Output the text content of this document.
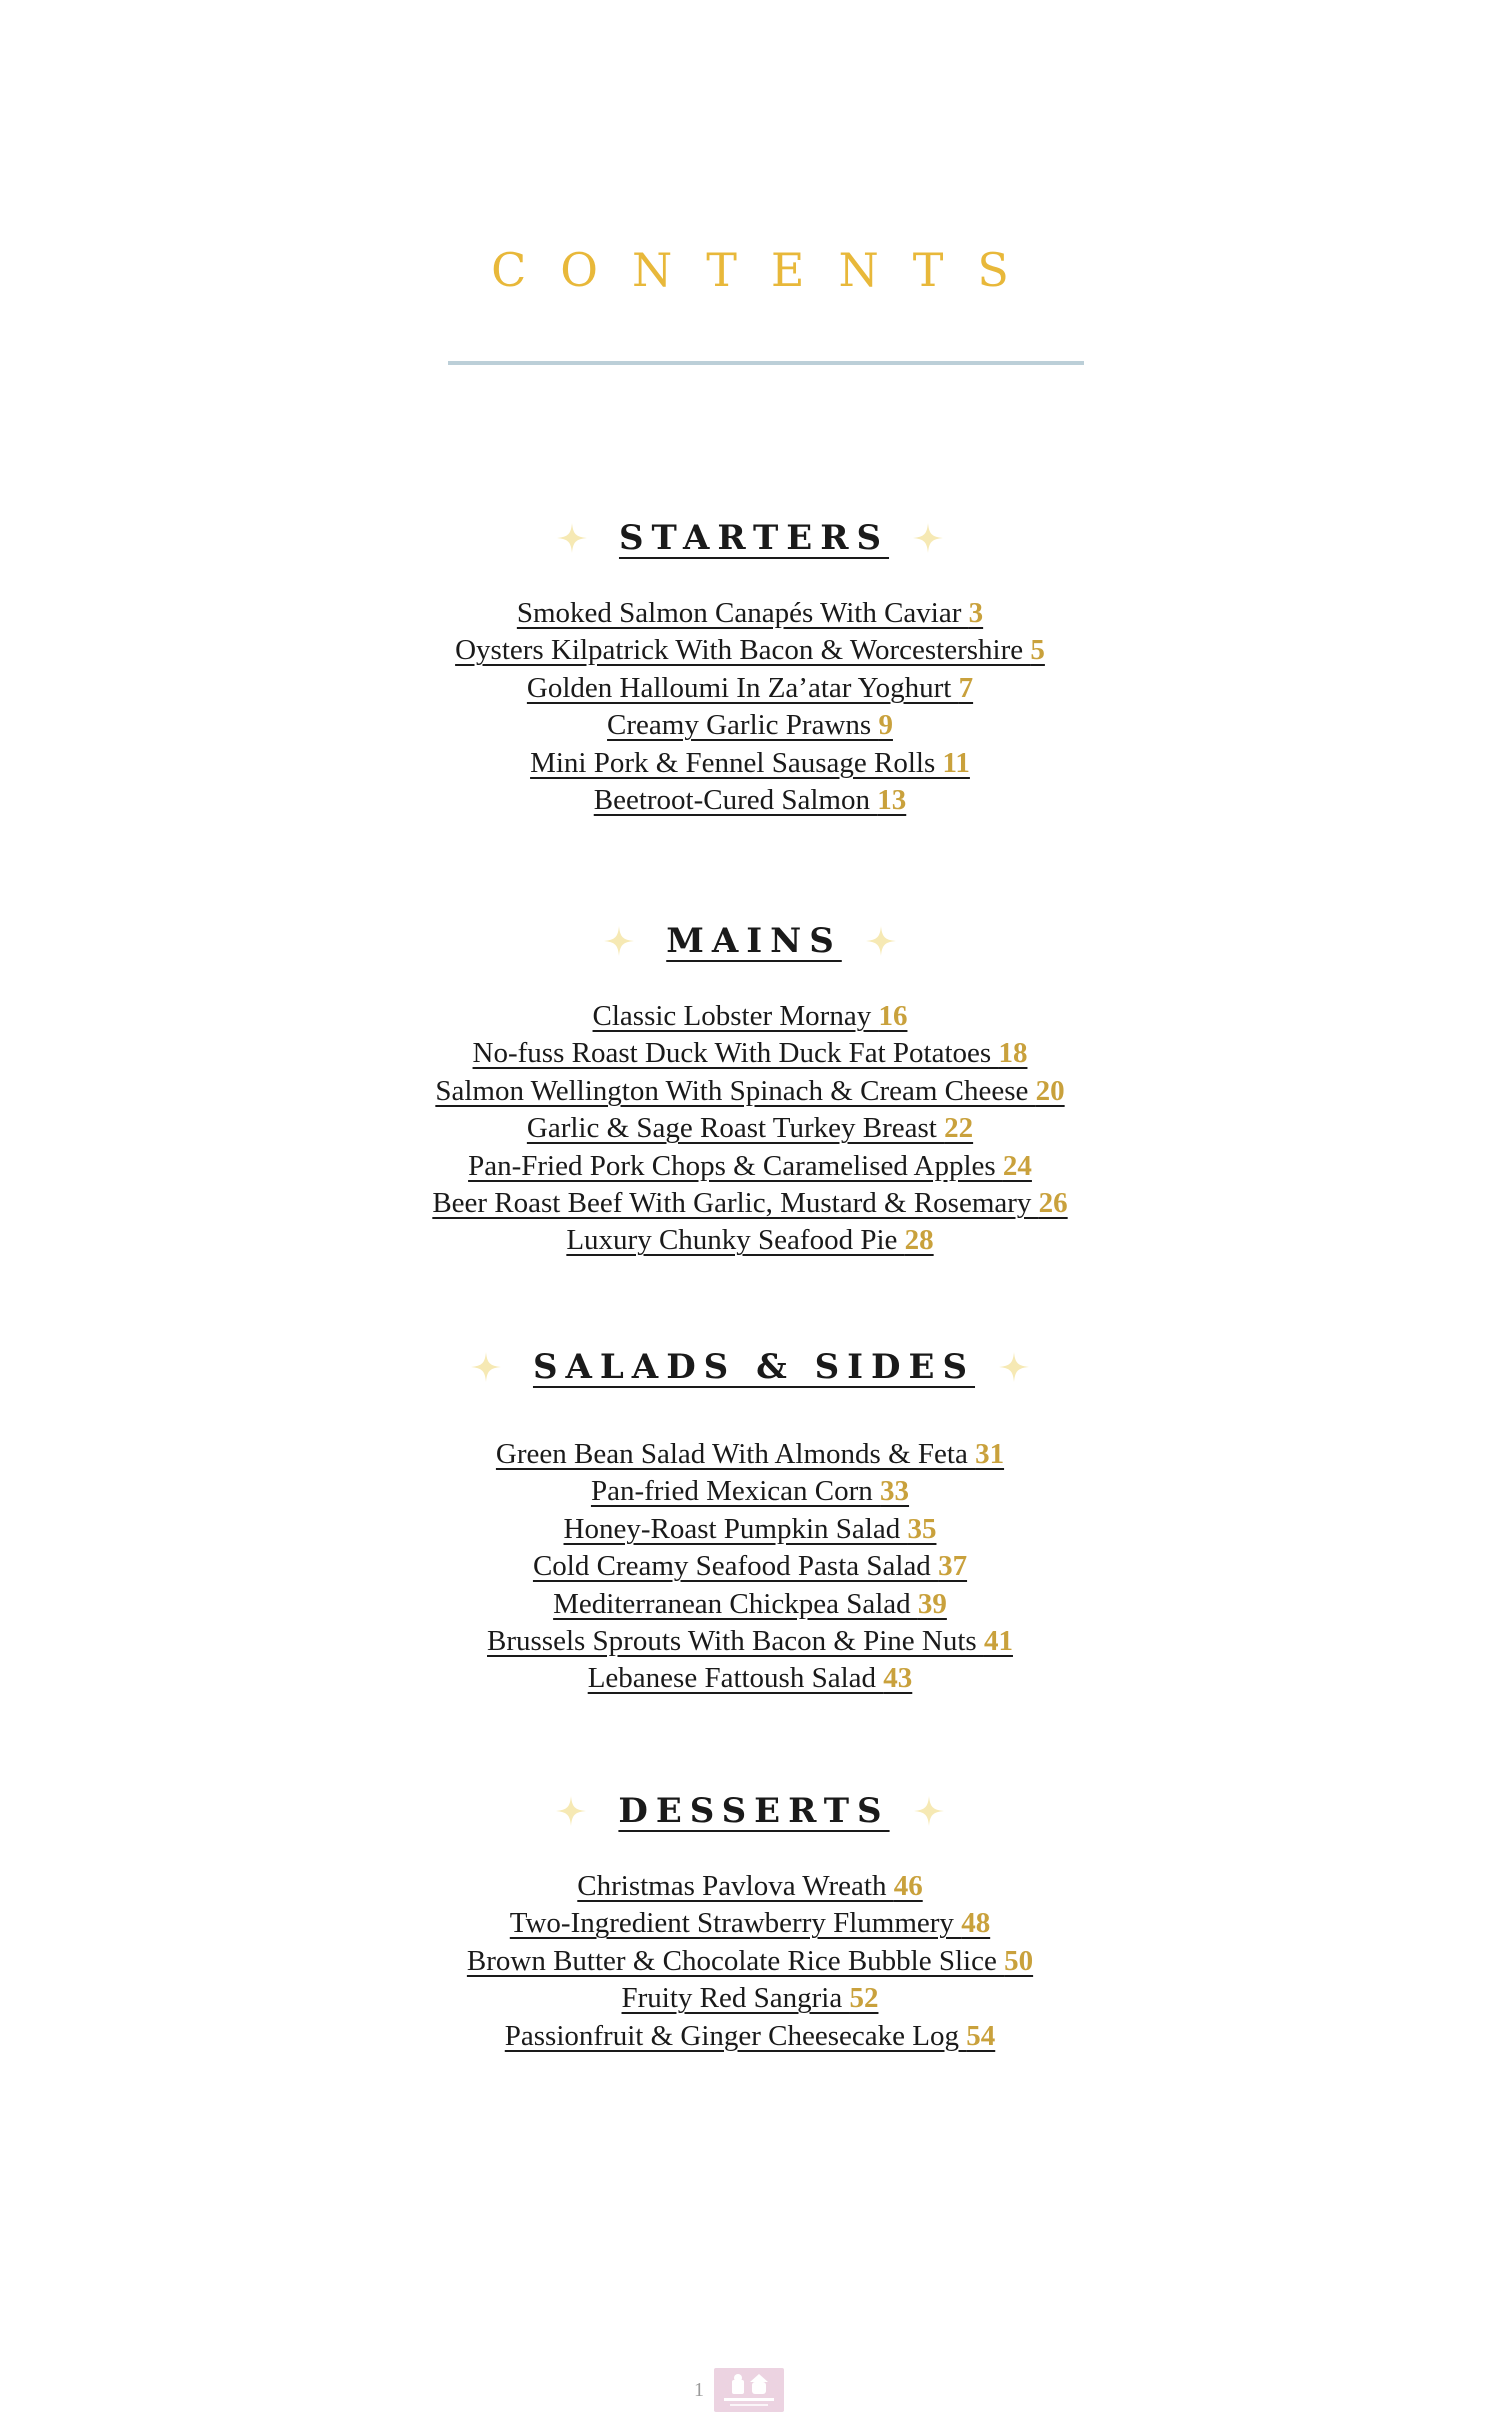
CONTENTS
STARTERS
Smoked Salmon Canapés With Caviar 3
Oysters Kilpatrick With Bacon & Worcestershire 5
Golden Halloumi In Za’atar Yoghurt 7
Creamy Garlic Prawns 9
Mini Pork & Fennel Sausage Rolls 11
Beetroot-Cured Salmon 13
MAINS
Classic Lobster Mornay 16
No-fuss Roast Duck With Duck Fat Potatoes 18
Salmon Wellington With Spinach & Cream Cheese 20
Garlic & Sage Roast Turkey Breast 22
Pan-Fried Pork Chops & Caramelised Apples 24
Beer Roast Beef With Garlic, Mustard & Rosemary 26
Luxury Chunky Seafood Pie 28
SALADS & SIDES
Green Bean Salad With Almonds & Feta 31
Pan-fried Mexican Corn 33
Honey-Roast Pumpkin Salad 35
Cold Creamy Seafood Pasta Salad 37
Mediterranean Chickpea Salad 39
Brussels Sprouts With Bacon & Pine Nuts 41
Lebanese Fattoush Salad 43
DESSERTS
Christmas Pavlova Wreath 46
Two-Ingredient Strawberry Flummery 48
Brown Butter & Chocolate Rice Bubble Slice 50
Fruity Red Sangria 52
Passionfruit & Ginger Cheesecake Log 54
1
